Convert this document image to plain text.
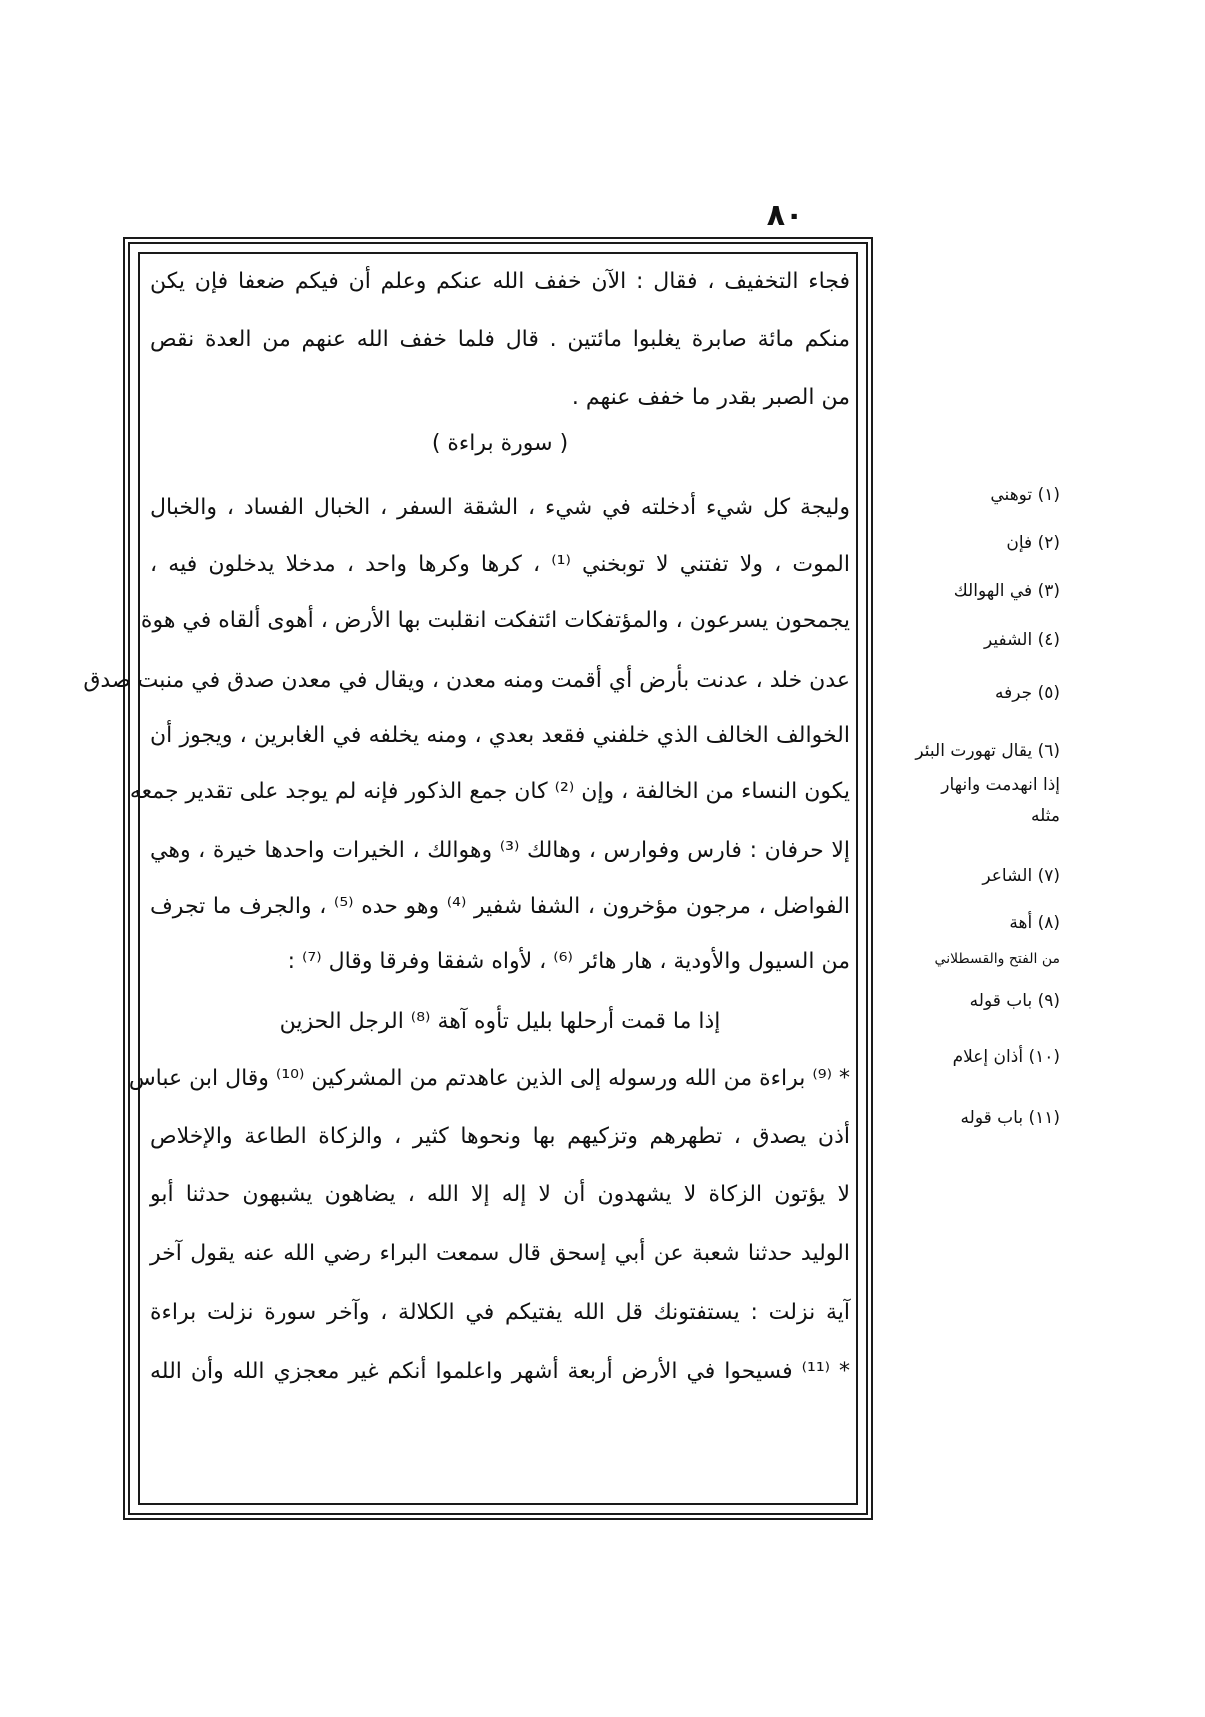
٨٠
فجاء التخفيف ، فقال : الآن خفف الله عنكم وعلم أن فيكم ضعفا فإن يكن
منكم مائة صابرة يغلبوا مائتين . قال فلما خفف الله عنهم من العدة نقص
من الصبر بقدر ما خفف عنهم .
( سورة براءة )
وليجة كل شيء أدخلته في شيء ، الشقة السفر ، الخبال الفساد ، والخبال
الموت ، ولا تفتني لا توبخني ⁽¹⁾ ، كرها وكرها واحد ، مدخلا يدخلون فيه ،
يجمحون يسرعون ، والمؤتفكات ائتفكت انقلبت بها الأرض ، أهوى ألقاه في هوة
عدن خلد ، عدنت بأرض أي أقمت ومنه معدن ، ويقال في معدن صدق في منبت صدق
الخوالف الخالف الذي خلفني فقعد بعدي ، ومنه يخلفه في الغابرين ، ويجوز أن
يكون النساء من الخالفة ، وإن ⁽²⁾ كان جمع الذكور فإنه لم يوجد على تقدير جمعه
إلا حرفان : فارس وفوارس ، وهالك ⁽³⁾ وهوالك ، الخيرات واحدها خيرة ، وهي
الفواضل ، مرجون مؤخرون ، الشفا شفير ⁽⁴⁾ وهو حده ⁽⁵⁾ ، والجرف ما تجرف
من السيول والأودية ، هار هائر ⁽⁶⁾ ، لأواه شفقا وفرقا وقال ⁽⁷⁾ :
إذا ما قمت أرحلها بليل تأوه آهة ⁽⁸⁾ الرجل الحزين
* ⁽⁹⁾ براءة من الله ورسوله إلى الذين عاهدتم من المشركين ⁽¹⁰⁾ وقال ابن عباس
أذن يصدق ، تطهرهم وتزكيهم بها ونحوها كثير ، والزكاة الطاعة والإخلاص
لا يؤتون الزكاة لا يشهدون أن لا إله إلا الله ، يضاهون يشبهون حدثنا أبو
الوليد حدثنا شعبة عن أبي إسحق قال سمعت البراء رضي الله عنه يقول آخر
آية نزلت : يستفتونك قل الله يفتيكم في الكلالة ، وآخر سورة نزلت براءة
* ⁽¹¹⁾ فسيحوا في الأرض أربعة أشهر واعلموا أنكم غير معجزي الله وأن الله
(١) توهني
(٢) فإن
(٣) في الهوالك
(٤) الشفير
(٥) جرفه
(٦) يقال تهورت البئر
إذا انهدمت وانهار
مثله
(٧) الشاعر
(٨) أهة
من الفتح والقسطلاني
(٩) باب قوله
(١٠) أذان إعلام
(١١) باب قوله
